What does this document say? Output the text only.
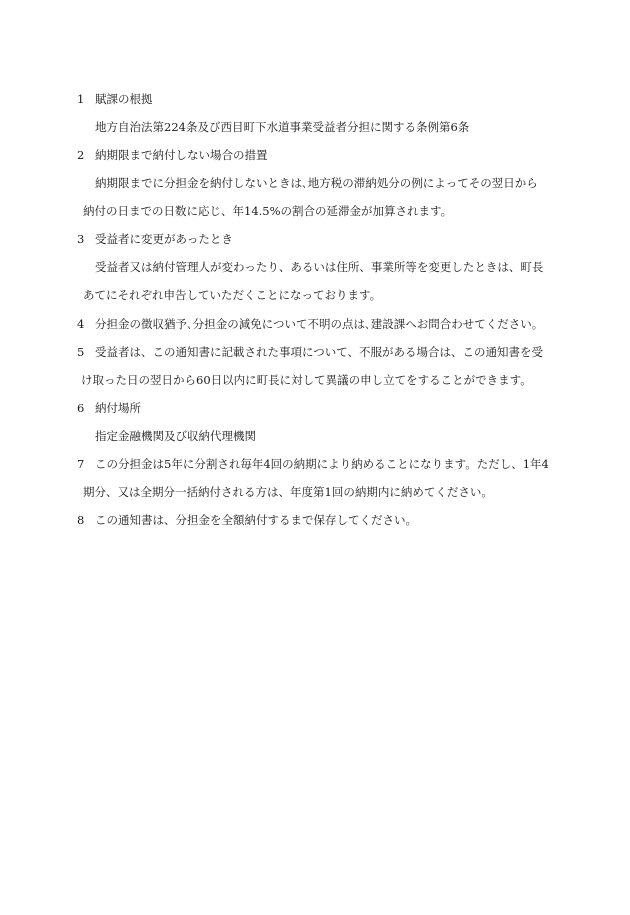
1 賦課の根拠
地方自治法第224条及び西目町下水道事業受益者分担に関する条例第6条
2 納期限まで納付しない場合の措置
納期限までに分担金を納付しないときは､地方税の滞納処分の例によってその翌日から
納付の日までの日数に応じ、年14.5%の割合の延滞金が加算されます。
3 受益者に変更があったとき
受益者又は納付管理人が変わったり、あるいは住所、事業所等を変更したときは、町長
あてにそれぞれ申告していただくことになっております。
4 分担金の徴収猶予､分担金の減免について不明の点は､建設課へお問合わせてください。
5 受益者は、この通知書に記載された事項について、不服がある場合は、この通知書を受
け取った日の翌日から60日以内に町長に対して異議の申し立てをすることができます。
6 納付場所
指定金融機関及び収納代理機関
7 この分担金は5年に分割され毎年4回の納期により納めることになります。ただし、1年4
期分、又は全期分一括納付される方は、年度第1回の納期内に納めてください。
8 この通知書は、分担金を全額納付するまで保存してください。
